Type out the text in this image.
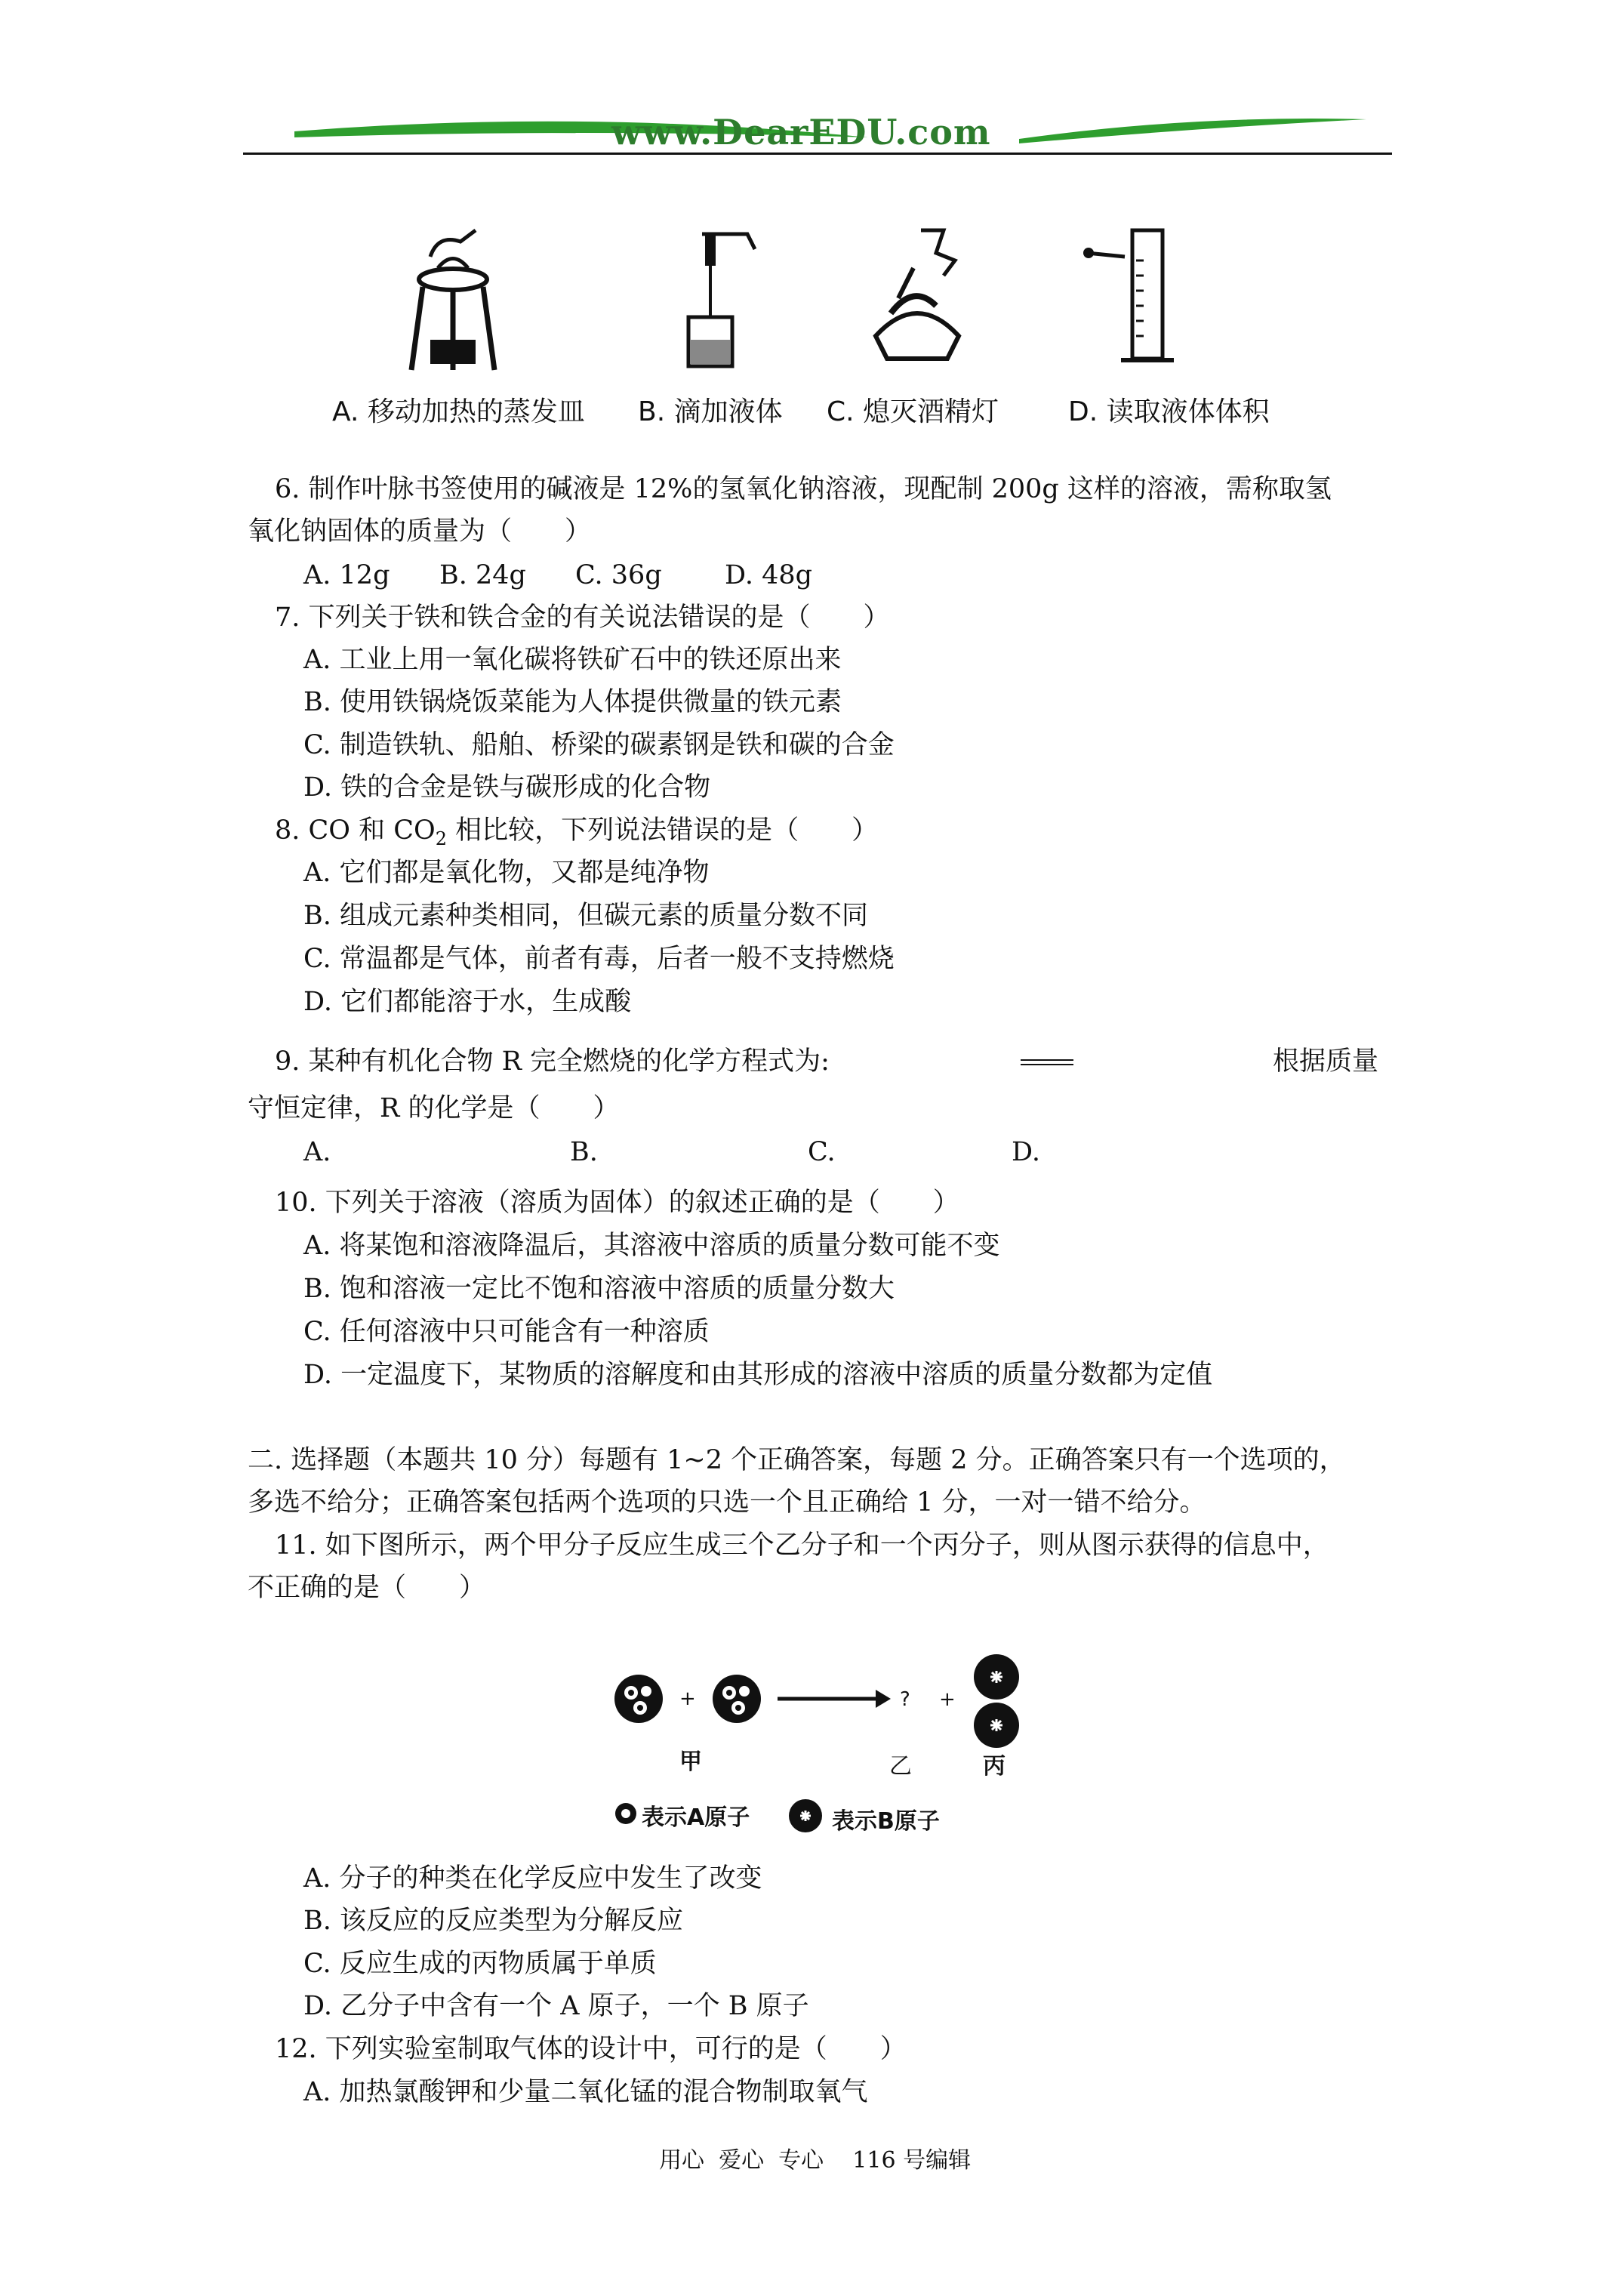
www.DearEDU.com
A. 移动加热的蒸发皿 B. 滴加液体 C. 熄灭酒精灯	D. 读取液体体积
6. 制作叶脉书签使用的碱液是 12%的氢氧化钠溶液，现配制 200g 这样的溶液，需称取氢
氧化钠固体的质量为（　　）
A. 12g B. 24g C. 36g D. 48g
7. 下列关于铁和铁合金的有关说法错误的是（　　）
A. 工业上用一氧化碳将铁矿石中的铁还原出来
B. 使用铁锅烧饭菜能为人体提供微量的铁元素
C. 制造铁轨、船舶、桥梁的碳素钢是铁和碳的合金
D. 铁的合金是铁与碳形成的化合物
8. CO 和 $CO_2$ 相比较，下列说法错误的是（　　）
A. 它们都是氧化物，又都是纯净物
B. 组成元素种类相同，但碳元素的质量分数不同
C. 常温都是气体，前者有毒，后者一般不支持燃烧
D. 它们都能溶于水，生成酸
9. 某种有机化合物 R 完全燃烧的化学方程式为:	根据质量
守恒定律，R 的化学是（　　）
A.	B.	C.	D.
10. 下列关于溶液（溶质为固体）的叙述正确的是（　　）
A. 将某饱和溶液降温后，其溶液中溶质的质量分数可能不变
B. 饱和溶液一定比不饱和溶液中溶质的质量分数大
C. 任何溶液中只可能含有一种溶质
D. 一定温度下，某物质的溶解度和由其形成的溶液中溶质的质量分数都为定值
二. 选择题（本题共 10 分）每题有 1~2 个正确答案，每题 2 分。正确答案只有一个选项的，
多选不给分；正确答案包括两个选项的只选一个且正确给 1 分，一对一错不给分。
11. 如下图所示，两个甲分子反应生成三个乙分子和一个丙分子，则从图示获得的信息中，
不正确的是（　　）
+	? +
甲	乙	丙
表示A原子	表示B原子
A. 分子的种类在化学反应中发生了改变
B. 该反应的反应类型为分解反应
C. 反应生成的丙物质属于单质
D. 乙分子中含有一个 A 原子，一个 B 原子
12. 下列实验室制取气体的设计中，可行的是（　　）
A. 加热氯酸钾和少量二氧化锰的混合物制取氧气
用心  爱心  专心    116 号编辑
